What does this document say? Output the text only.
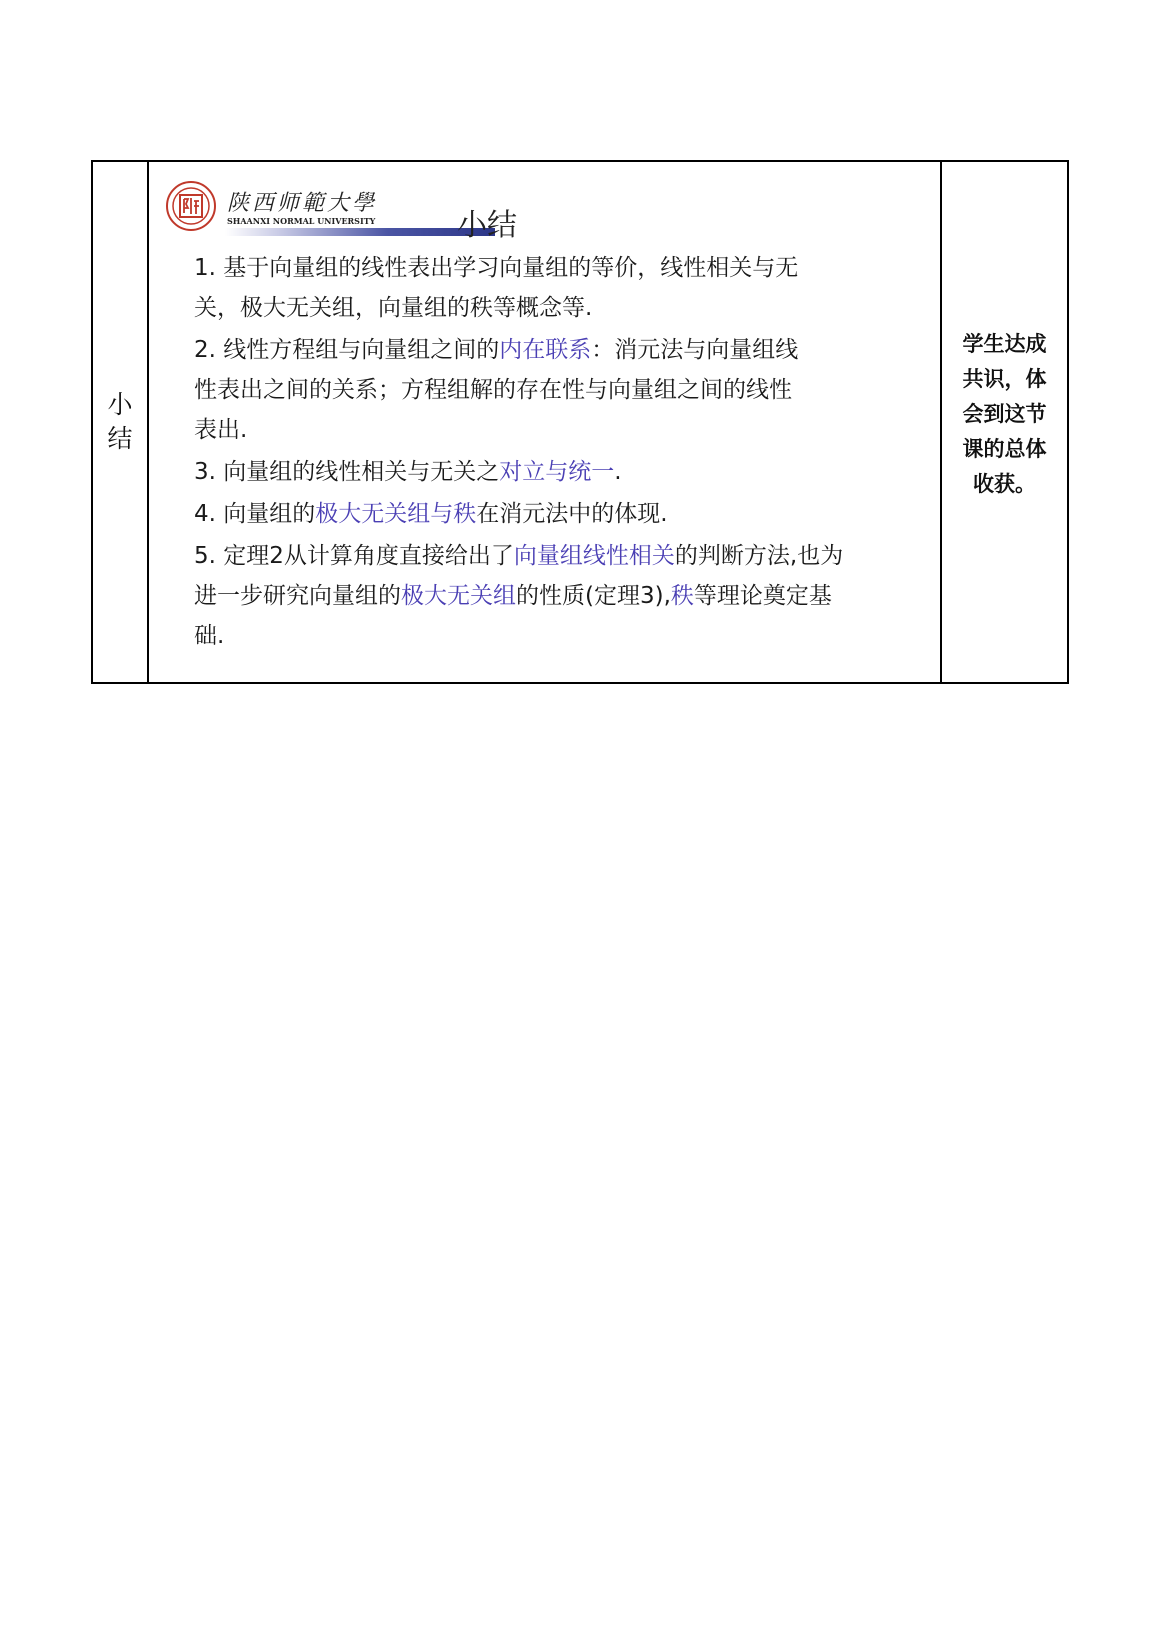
小结
陕西师範大學
SHAANXI NORMAL UNIVERSITY	小结
1. 基于向量组的线性表出学习向量组的等价，线性相关与无关，极大无关组，向量组的秩等概念等.
2. 线性方程组与向量组之间的内在联系：消元法与向量组线性表出之间的关系；方程组解的存在性与向量组之间的线性表出.
3. 向量组的线性相关与无关之对立与统一.
4. 向量组的极大无关组与秩在消元法中的体现.
5. 定理2从计算角度直接给出了向量组线性相关的判断方法,也为进一步研究向量组的极大无关组的性质(定理3),秩等理论奠定基础.
学生达成共识，体会到这节课的总体收获。
